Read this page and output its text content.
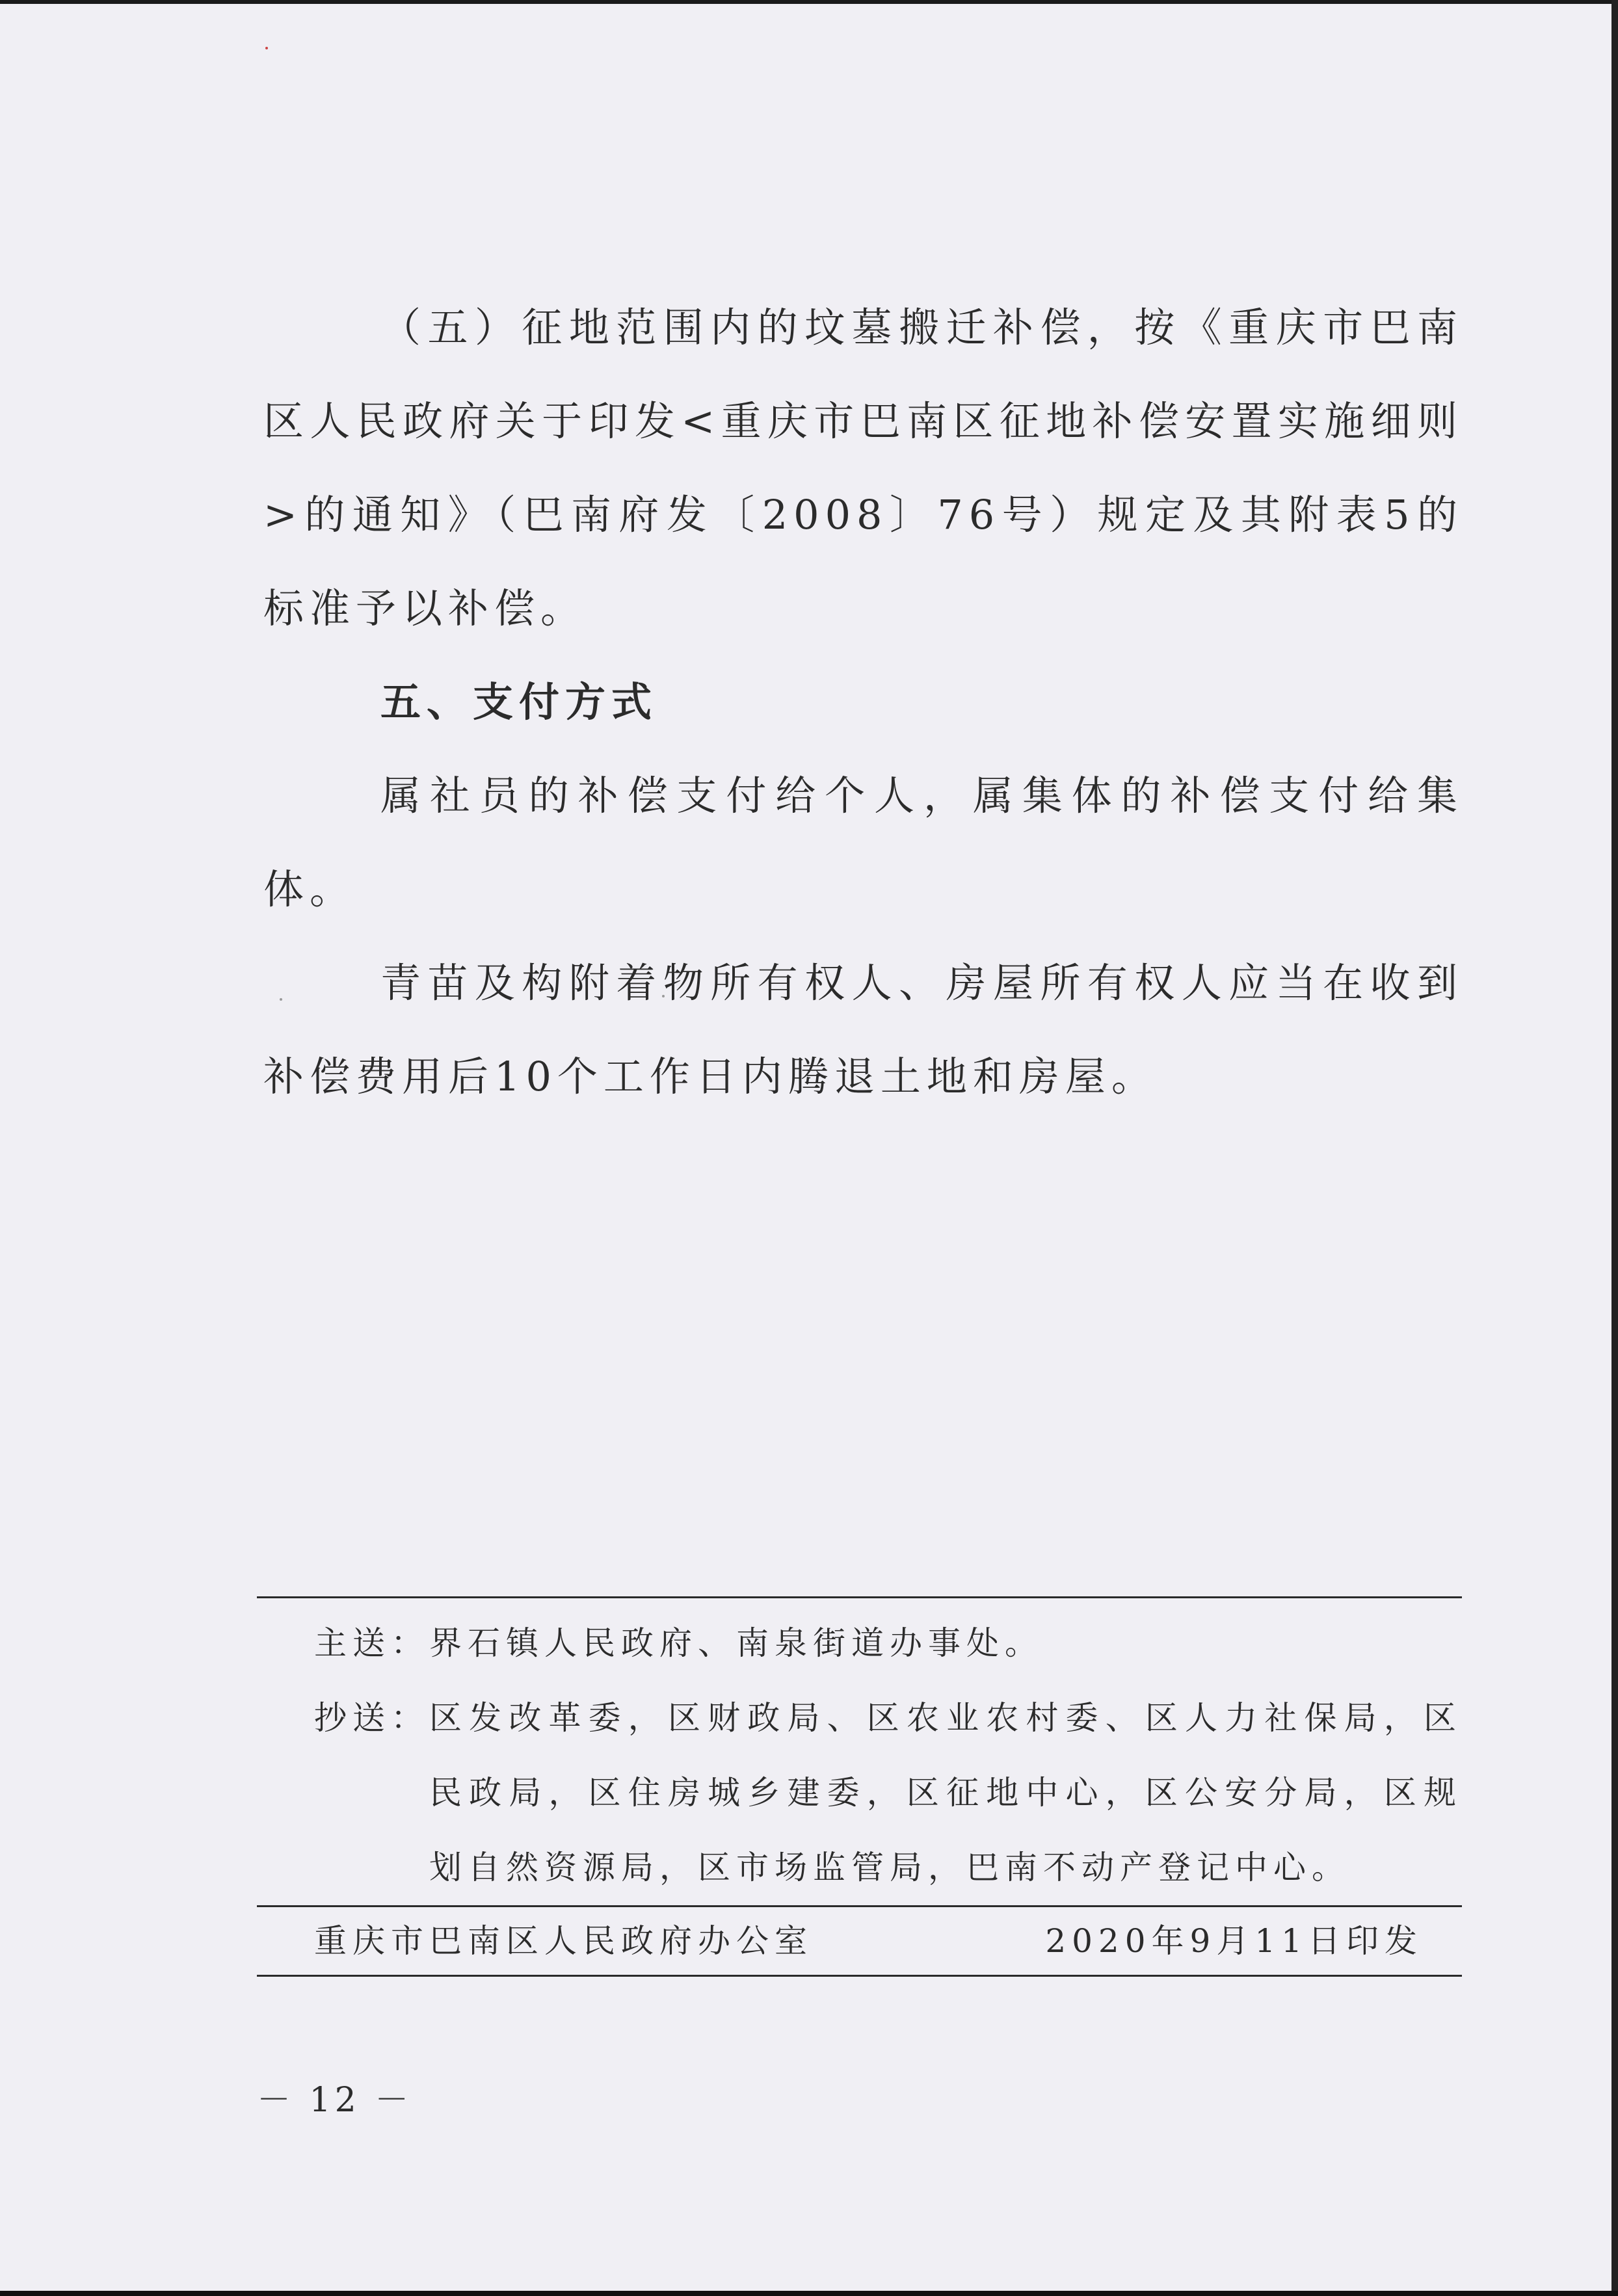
（五）征地范围内的坟墓搬迁补偿，按《重庆市巴南区人民政府关于印发<重庆市巴南区征地补偿安置实施细则>的通知》（巴南府发〔2008〕76号）规定及其附表5的标准予以补偿。

五、支付方式

属社员的补偿支付给个人，属集体的补偿支付给集体。

青苗及构附着物所有权人、房屋所有权人应当在收到补偿费用后10个工作日内腾退土地和房屋。

主送： 界石镇人民政府、南泉街道办事处。
抄送： 区发改革委，区财政局、区农业农村委、区人力社保局，区民政局，区住房城乡建委，区征地中心，区公安分局，区规划自然资源局，区市场监管局，巴南不动产登记中心。
重庆市巴南区人民政府办公室	2020年9月11日印发
－ 12 －
